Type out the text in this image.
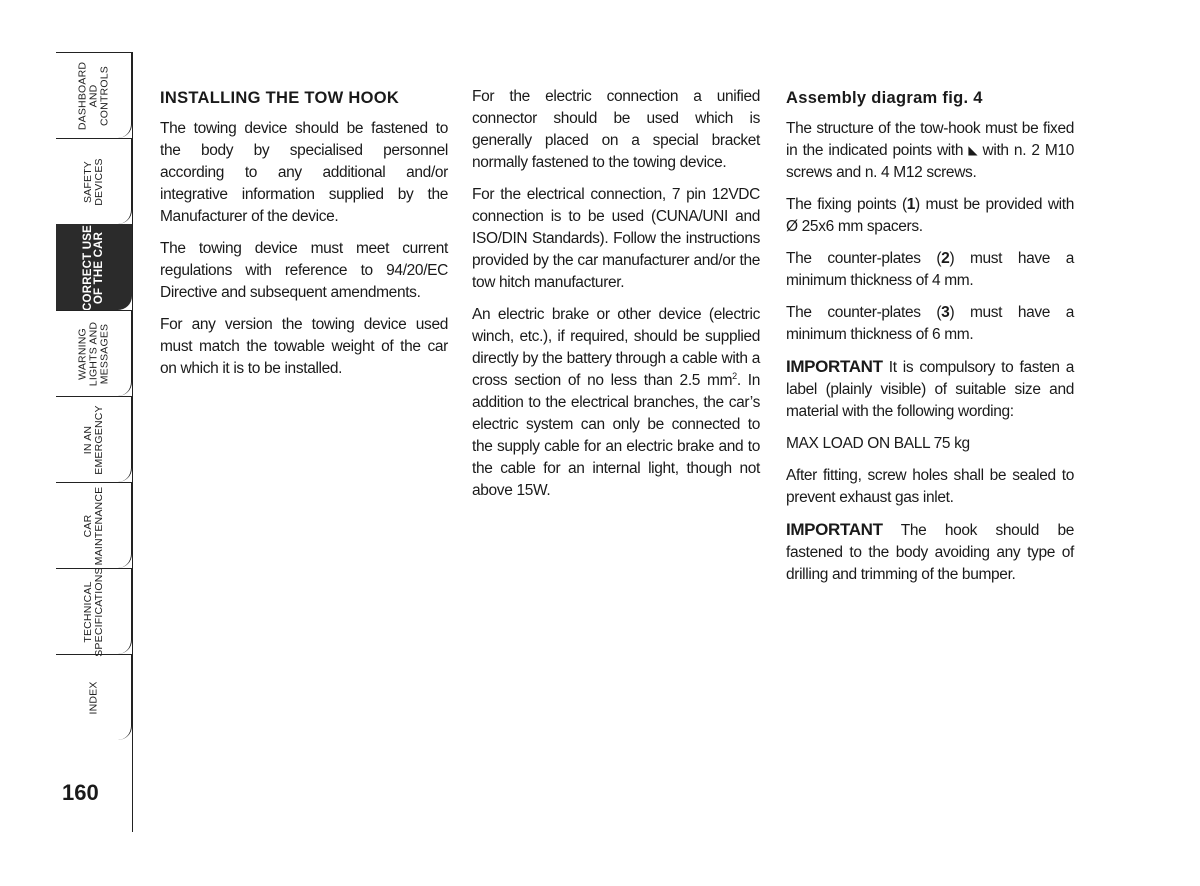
DASHBOARD
AND
CONTROLS
SAFETY
DEVICES
CORRECT USE
OF THE CAR
WARNING
LIGHTS AND
MESSAGES
IN AN
EMERGENCY
CAR
MAINTENANCE
TECHNICAL
SPECIFICATIONS
INDEX
160
INSTALLING THE TOW HOOK

The towing device should be fastened to the body by specialised personnel according to any additional and/or integrative information supplied by the Manufacturer of the device.

The towing device must meet current regulations with reference to 94/20/EC Directive and subsequent amendments.

For any version the towing device used must match the towable weight of the car on which it is to be installed.

For the electric connection a unified connector should be used which is generally placed on a special bracket normally fastened to the towing device.

For the electrical connection, 7 pin 12VDC connection is to be used (CUNA/UNI and ISO/DIN Standards). Follow the instructions provided by the car manufacturer and/or the tow hitch manufacturer.

An electric brake or other device (electric winch, etc.), if required, should be supplied directly by the battery through a cable with a cross section of no less than 2.5 $mm^2$. In addition to the electrical branches, the car’s electric system can only be connected to the supply cable for an electric brake and to the cable for an internal light, though not above 15W.

Assembly diagram fig. 4

The structure of the tow-hook must be fixed in the indicated points with ◣ with n. 2 M10 screws and n. 4 M12 screws.

The fixing points (1) must be provided with Ø 25x6 mm spacers.

The counter-plates (2) must have a minimum thickness of 4 mm.

The counter-plates (3) must have a minimum thickness of 6 mm.

IMPORTANT It is compulsory to fasten a label (plainly visible) of suitable size and material with the following wording:

MAX LOAD ON BALL 75 kg

After fitting, screw holes shall be sealed to prevent exhaust gas inlet.

IMPORTANT The hook should be fastened to the body avoiding any type of drilling and trimming of the bumper.
